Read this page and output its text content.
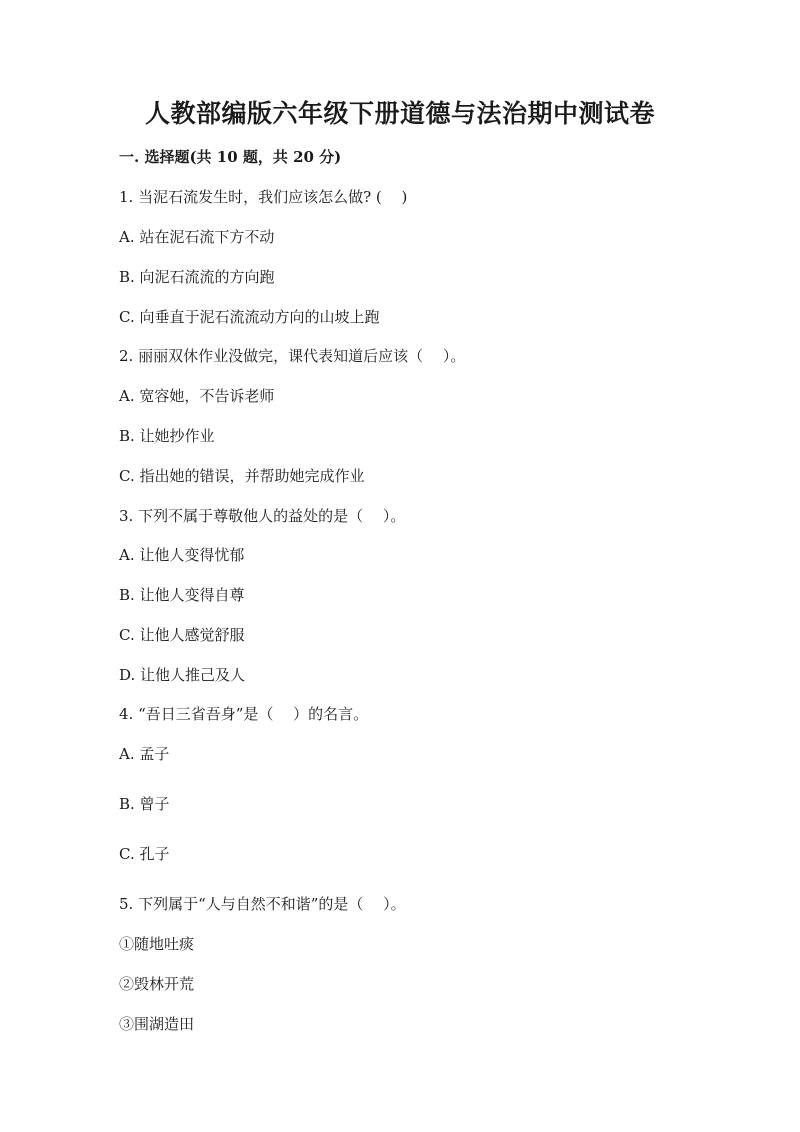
人教部编版六年级下册道德与法治期中测试卷
一. 选择题(共 10 题，共 20 分)
1. 当泥石流发生时，我们应该怎么做? (　 )
A. 站在泥石流下方不动
B. 向泥石流流的方向跑
C. 向垂直于泥石流流动方向的山坡上跑
2. 丽丽双休作业没做完，课代表知道后应该（　 ）。
A. 宽容她，不告诉老师
B. 让她抄作业
C. 指出她的错误，并帮助她完成作业
3. 下列不属于尊敬他人的益处的是（　 ）。
A. 让他人变得忧郁
B. 让他人变得自尊
C. 让他人感觉舒服
D. 让他人推己及人
4. “吾日三省吾身”是（　 ）的名言。
A. 孟子
B. 曾子
C. 孔子
5. 下列属于“人与自然不和谐”的是（　 ）。
①随地吐痰
②毁林开荒
③围湖造田
